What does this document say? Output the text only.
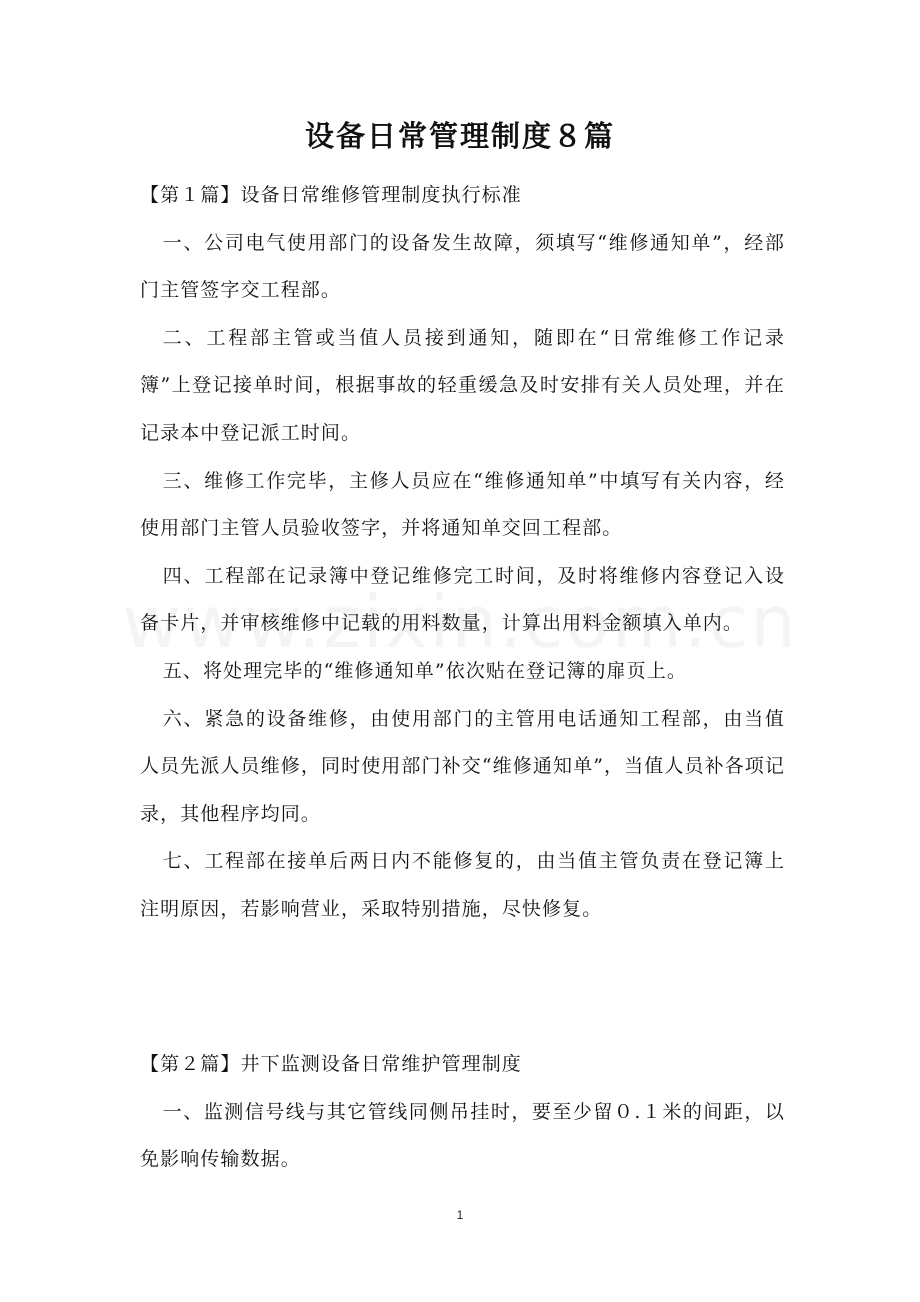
设备日常管理制度８篇

【第１篇】设备日常维修管理制度执行标准

一、公司电气使用部门的设备发生故障，须填写“维修通知单”，经部门主管签字交工程部。

二、工程部主管或当值人员接到通知，随即在“日常维修工作记录簿”上登记接单时间，根据事故的轻重缓急及时安排有关人员处理，并在记录本中登记派工时间。

三、维修工作完毕，主修人员应在“维修通知单”中填写有关内容，经使用部门主管人员验收签字，并将通知单交回工程部。

四、工程部在记录簿中登记维修完工时间，及时将维修内容登记入设备卡片，并审核维修中记载的用料数量，计算出用料金额填入单内。

五、将处理完毕的“维修通知单”依次贴在登记簿的扉页上。

六、紧急的设备维修，由使用部门的主管用电话通知工程部，由当值人员先派人员维修，同时使用部门补交“维修通知单”，当值人员补各项记录，其他程序均同。

七、工程部在接单后两日内不能修复的，由当值主管负责在登记簿上注明原因，若影响营业，采取特别措施，尽快修复。

【第２篇】井下监测设备日常维护管理制度

一、监测信号线与其它管线同侧吊挂时，要至少留０.１米的间距，以免影响传输数据。

1
